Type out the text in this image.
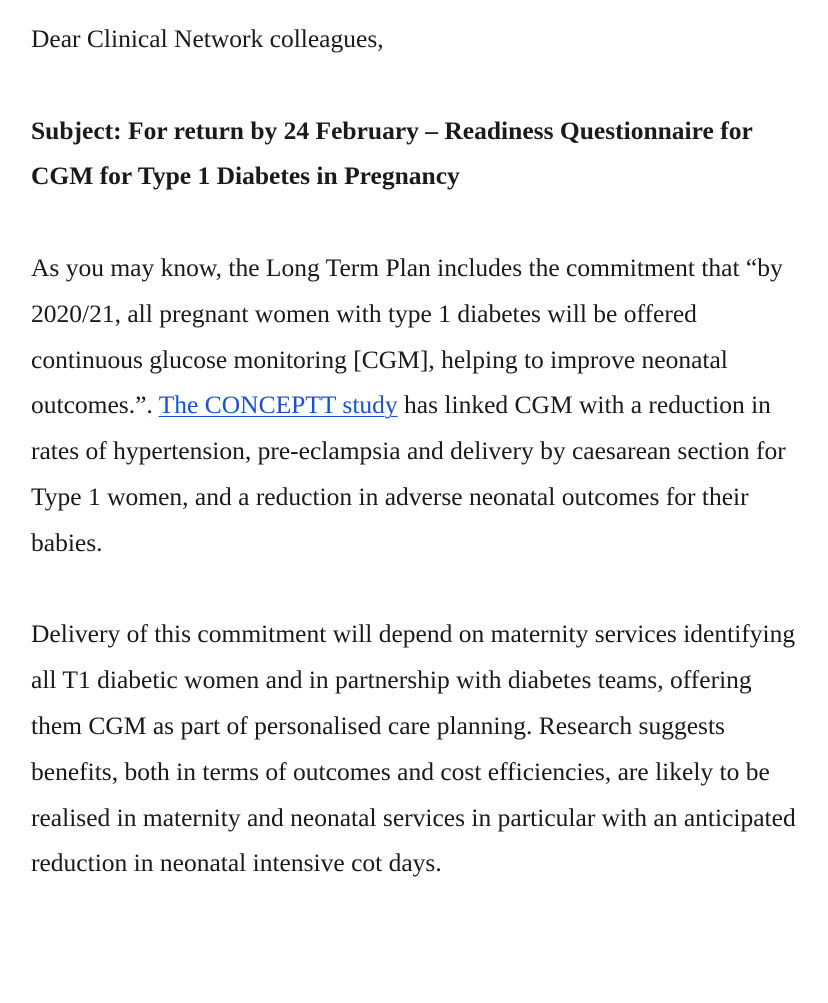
Dear Clinical Network colleagues,

Subject: For return by 24 February – Readiness Questionnaire for CGM for Type 1 Diabetes in Pregnancy

As you may know, the Long Term Plan includes the commitment that “by 2020/21, all pregnant women with type 1 diabetes will be offered continuous glucose monitoring [CGM], helping to improve neonatal outcomes.”. The CONCEPTT study has linked CGM with a reduction in rates of hypertension, pre-eclampsia and delivery by caesarean section for Type 1 women, and a reduction in adverse neonatal outcomes for their babies.

Delivery of this commitment will depend on maternity services identifying all T1 diabetic women and in partnership with diabetes teams, offering them CGM as part of personalised care planning. Research suggests benefits, both in terms of outcomes and cost efficiencies, are likely to be realised in maternity and neonatal services in particular with an anticipated reduction in neonatal intensive cot days.
